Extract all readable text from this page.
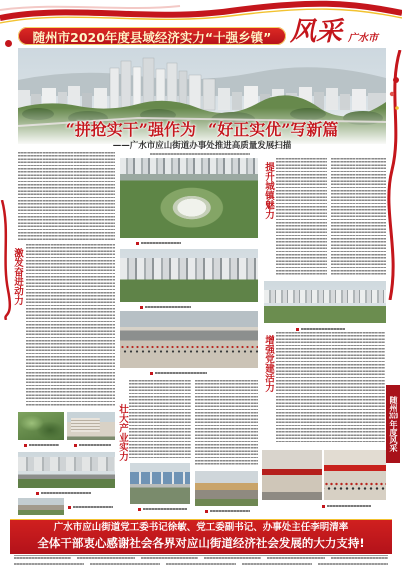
随州市2020年度县域经济实力“十强乡镇” 风采 广水市
“拼抢实干”强作为 “好正实优”写新篇
——广水市应山街道办事处推进高质量发展扫描
激发奋进动力
壮大产业实力
提升城镇魅力
增强党建活力
随州2020年度风采
广水市应山街道党工委书记徐敏、党工委副书记、办事处主任李明清率
全体干部衷心感谢社会各界对应山街道经济社会发展的大力支持!
